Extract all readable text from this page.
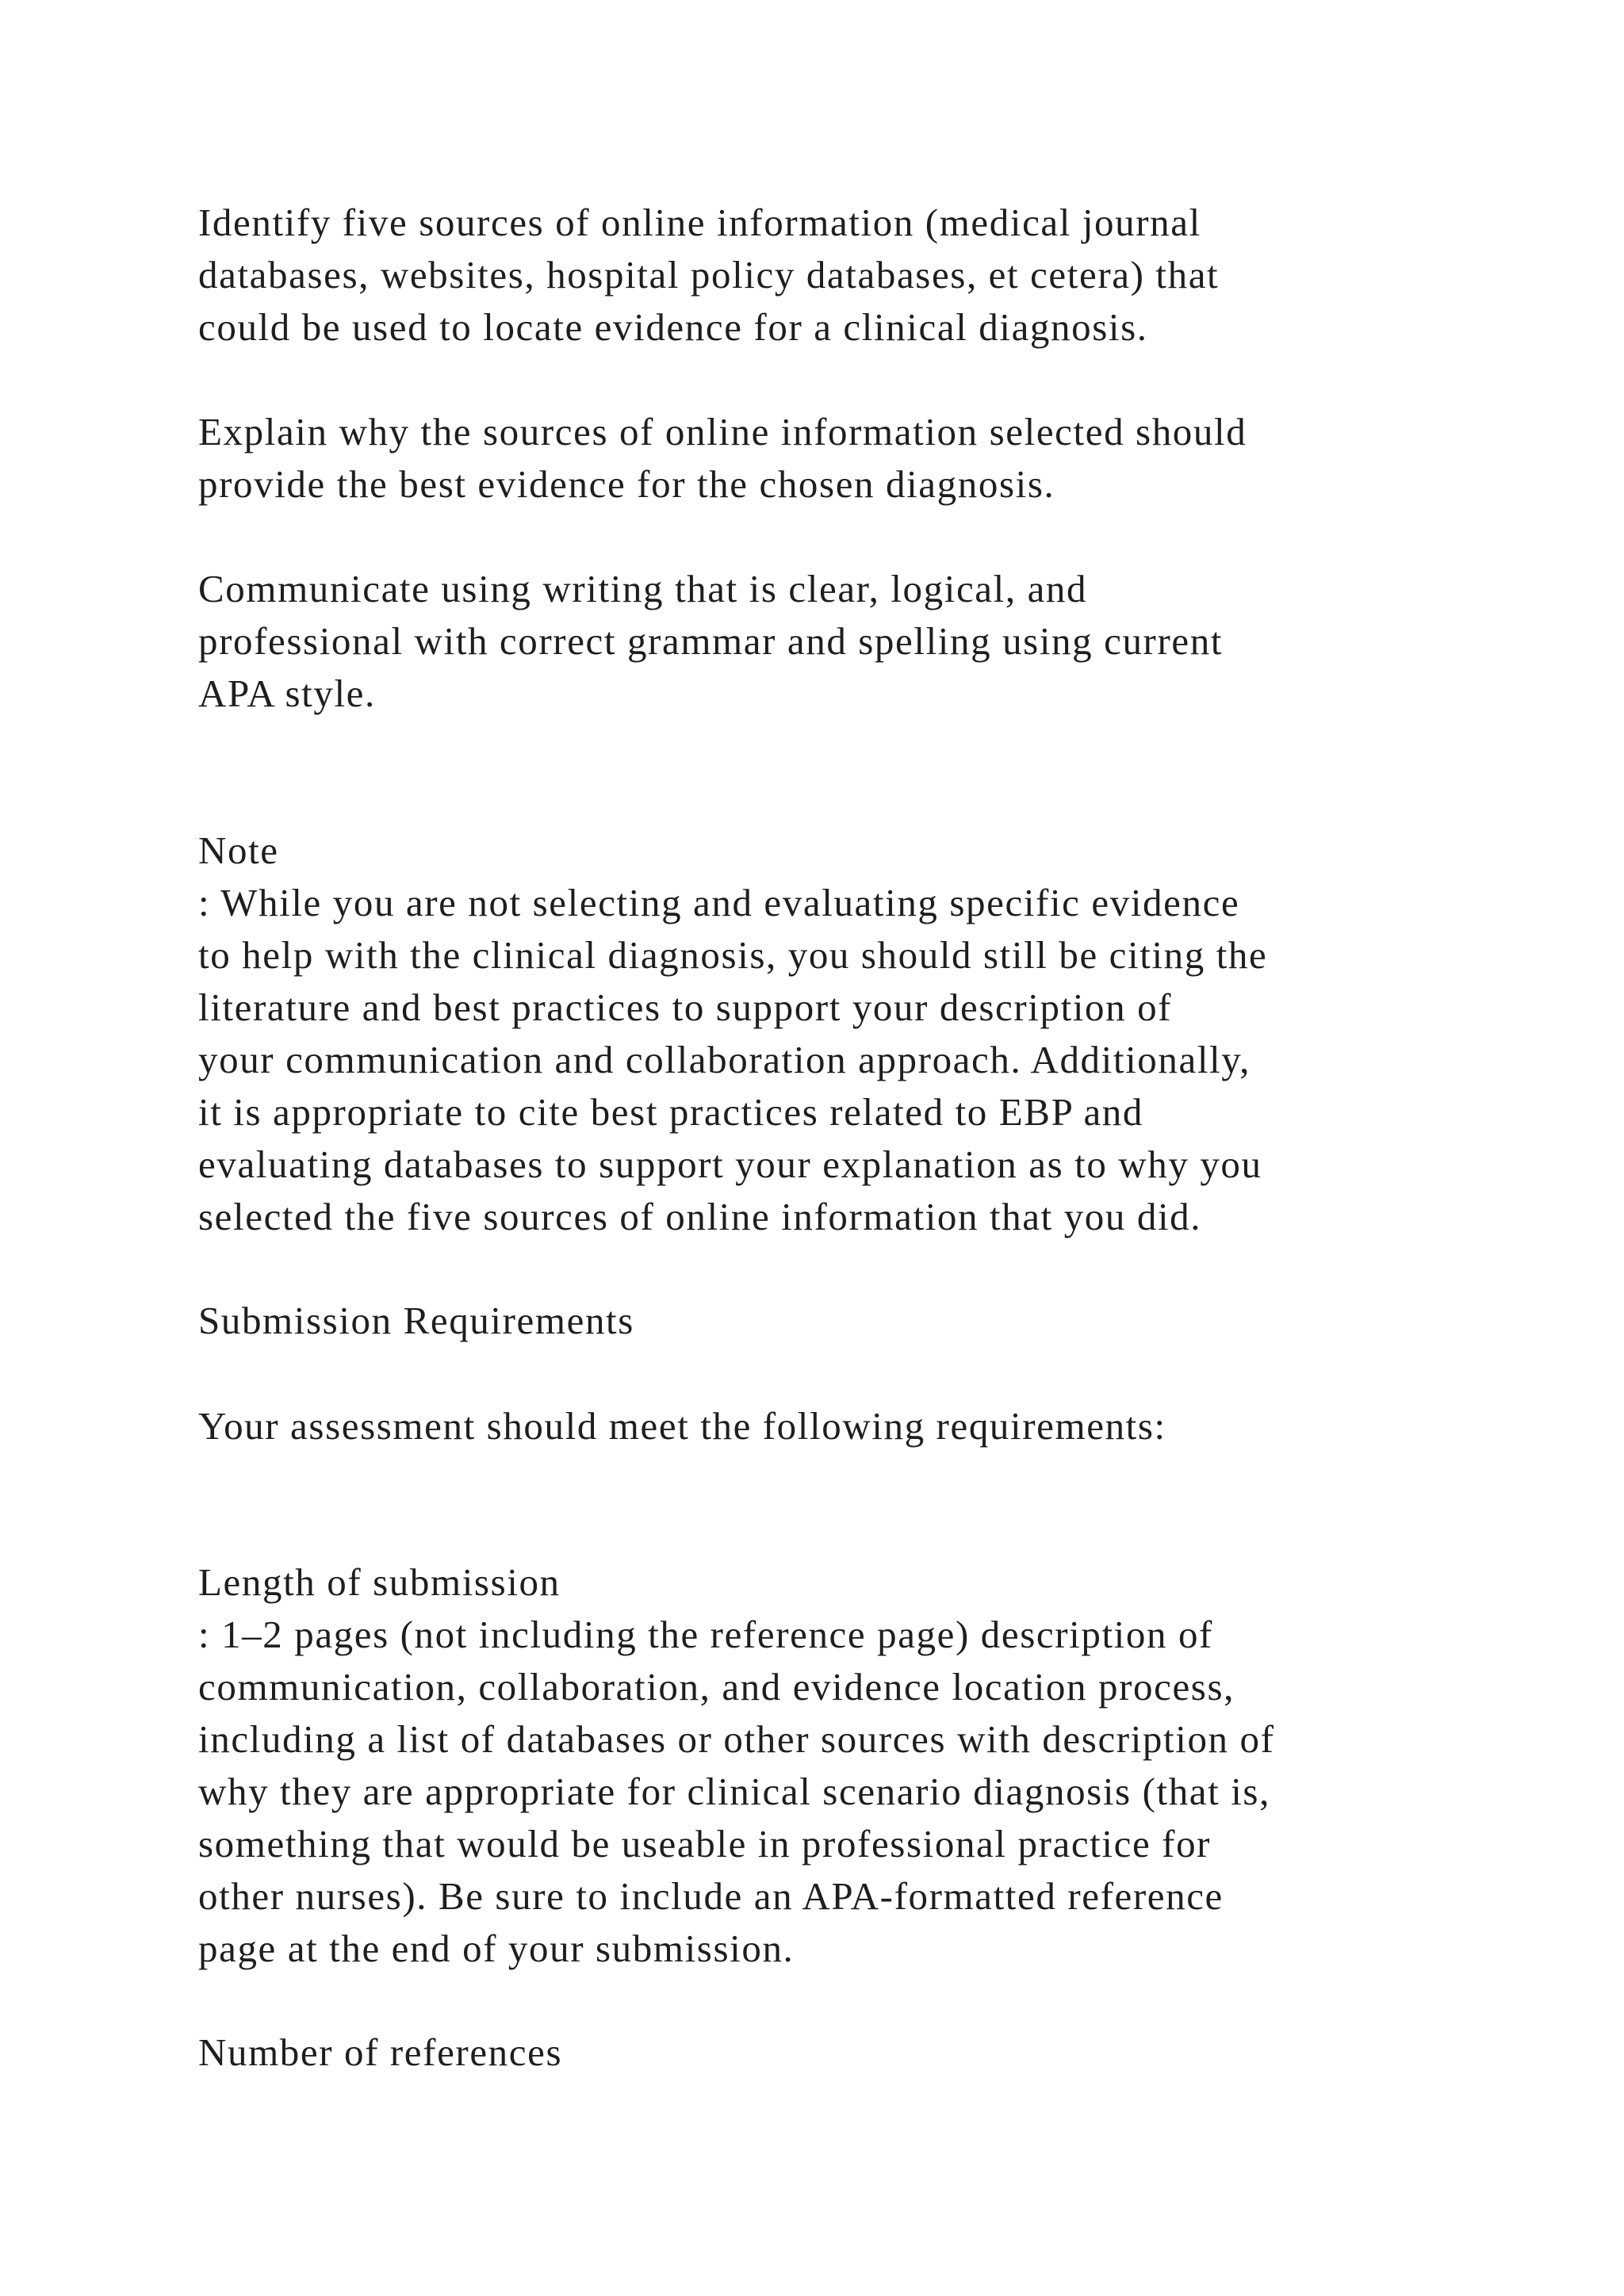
Identify five sources of online information (medical journal
databases, websites, hospital policy databases, et cetera) that
could be used to locate evidence for a clinical diagnosis.
Explain why the sources of online information selected should
provide the best evidence for the chosen diagnosis.
Communicate using writing that is clear, logical, and
professional with correct grammar and spelling using current
APA style.
Note
: While you are not selecting and evaluating specific evidence
to help with the clinical diagnosis, you should still be citing the
literature and best practices to support your description of
your communication and collaboration approach. Additionally,
it is appropriate to cite best practices related to EBP and
evaluating databases to support your explanation as to why you
selected the five sources of online information that you did.
Submission Requirements
Your assessment should meet the following requirements:
Length of submission
: 1–2 pages (not including the reference page) description of
communication, collaboration, and evidence location process,
including a list of databases or other sources with description of
why they are appropriate for clinical scenario diagnosis (that is,
something that would be useable in professional practice for
other nurses). Be sure to include an APA-formatted reference
page at the end of your submission.
Number of references
